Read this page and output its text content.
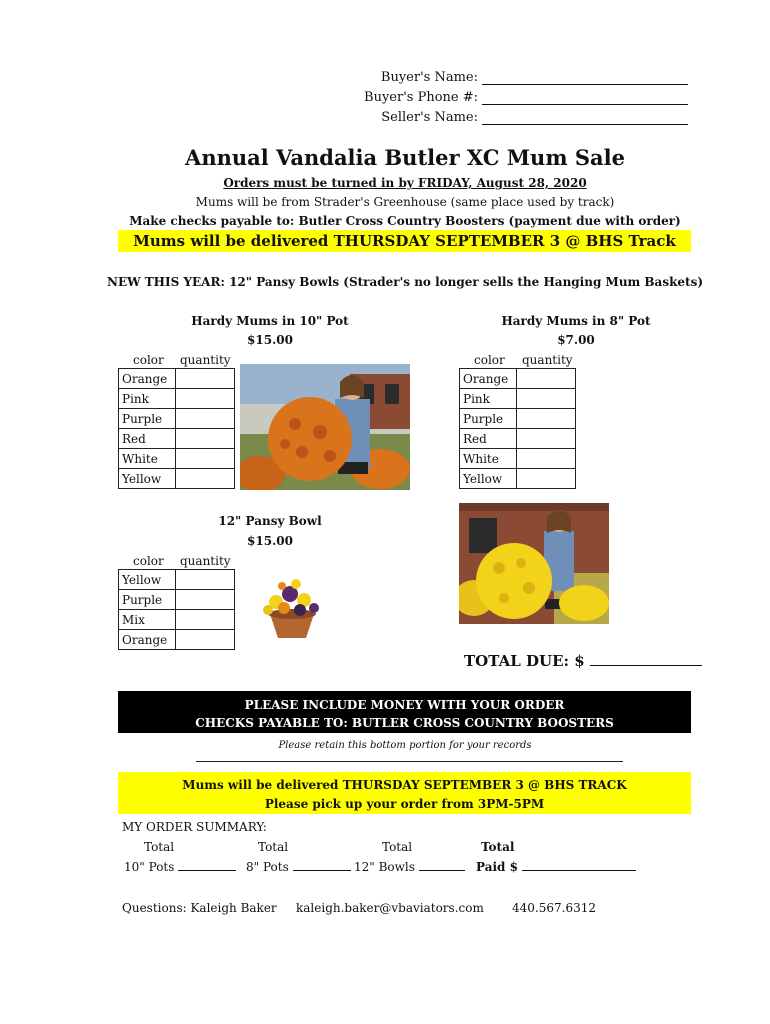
Buyer's Name:
Buyer's Phone #:
Seller's Name:
Annual Vandalia Butler XC Mum Sale
Orders must be turned in by FRIDAY, August 28, 2020
Mums will be from Strader's Greenhouse (same place used by track)
Make checks payable to: Butler Cross Country Boosters (payment due with order)
Mums will be delivered THURSDAY SEPTEMBER 3 @ BHS Track
NEW THIS YEAR: 12" Pansy Bowls (Strader's no longer sells the Hanging Mum Baskets)
Hardy Mums in 10" Pot
$15.00
color quantity
Orange	
Pink	
Purple	
Red	
White	
Yellow	
Hardy Mums in 8" Pot
$7.00
color quantity
Orange	
Pink	
Purple	
Red	
White	
Yellow	
12" Pansy Bowl
$15.00
color quantity
Yellow	
Purple	
Mix	
Orange	
TOTAL DUE: $
PLEASE INCLUDE MONEY WITH YOUR ORDER
CHECKS PAYABLE TO: BUTLER CROSS COUNTRY BOOSTERS
Please retain this bottom portion for your records
Mums will be delivered THURSDAY SEPTEMBER 3 @ BHS TRACK
Please pick up your order from 3PM-5PM
MY ORDER SUMMARY:
Total
10" Pots
Total
8" Pots
Total
12" Bowls
Total
Paid $
Questions: Kaleigh Baker kaleigh.baker@vbaviators.com 440.567.6312
